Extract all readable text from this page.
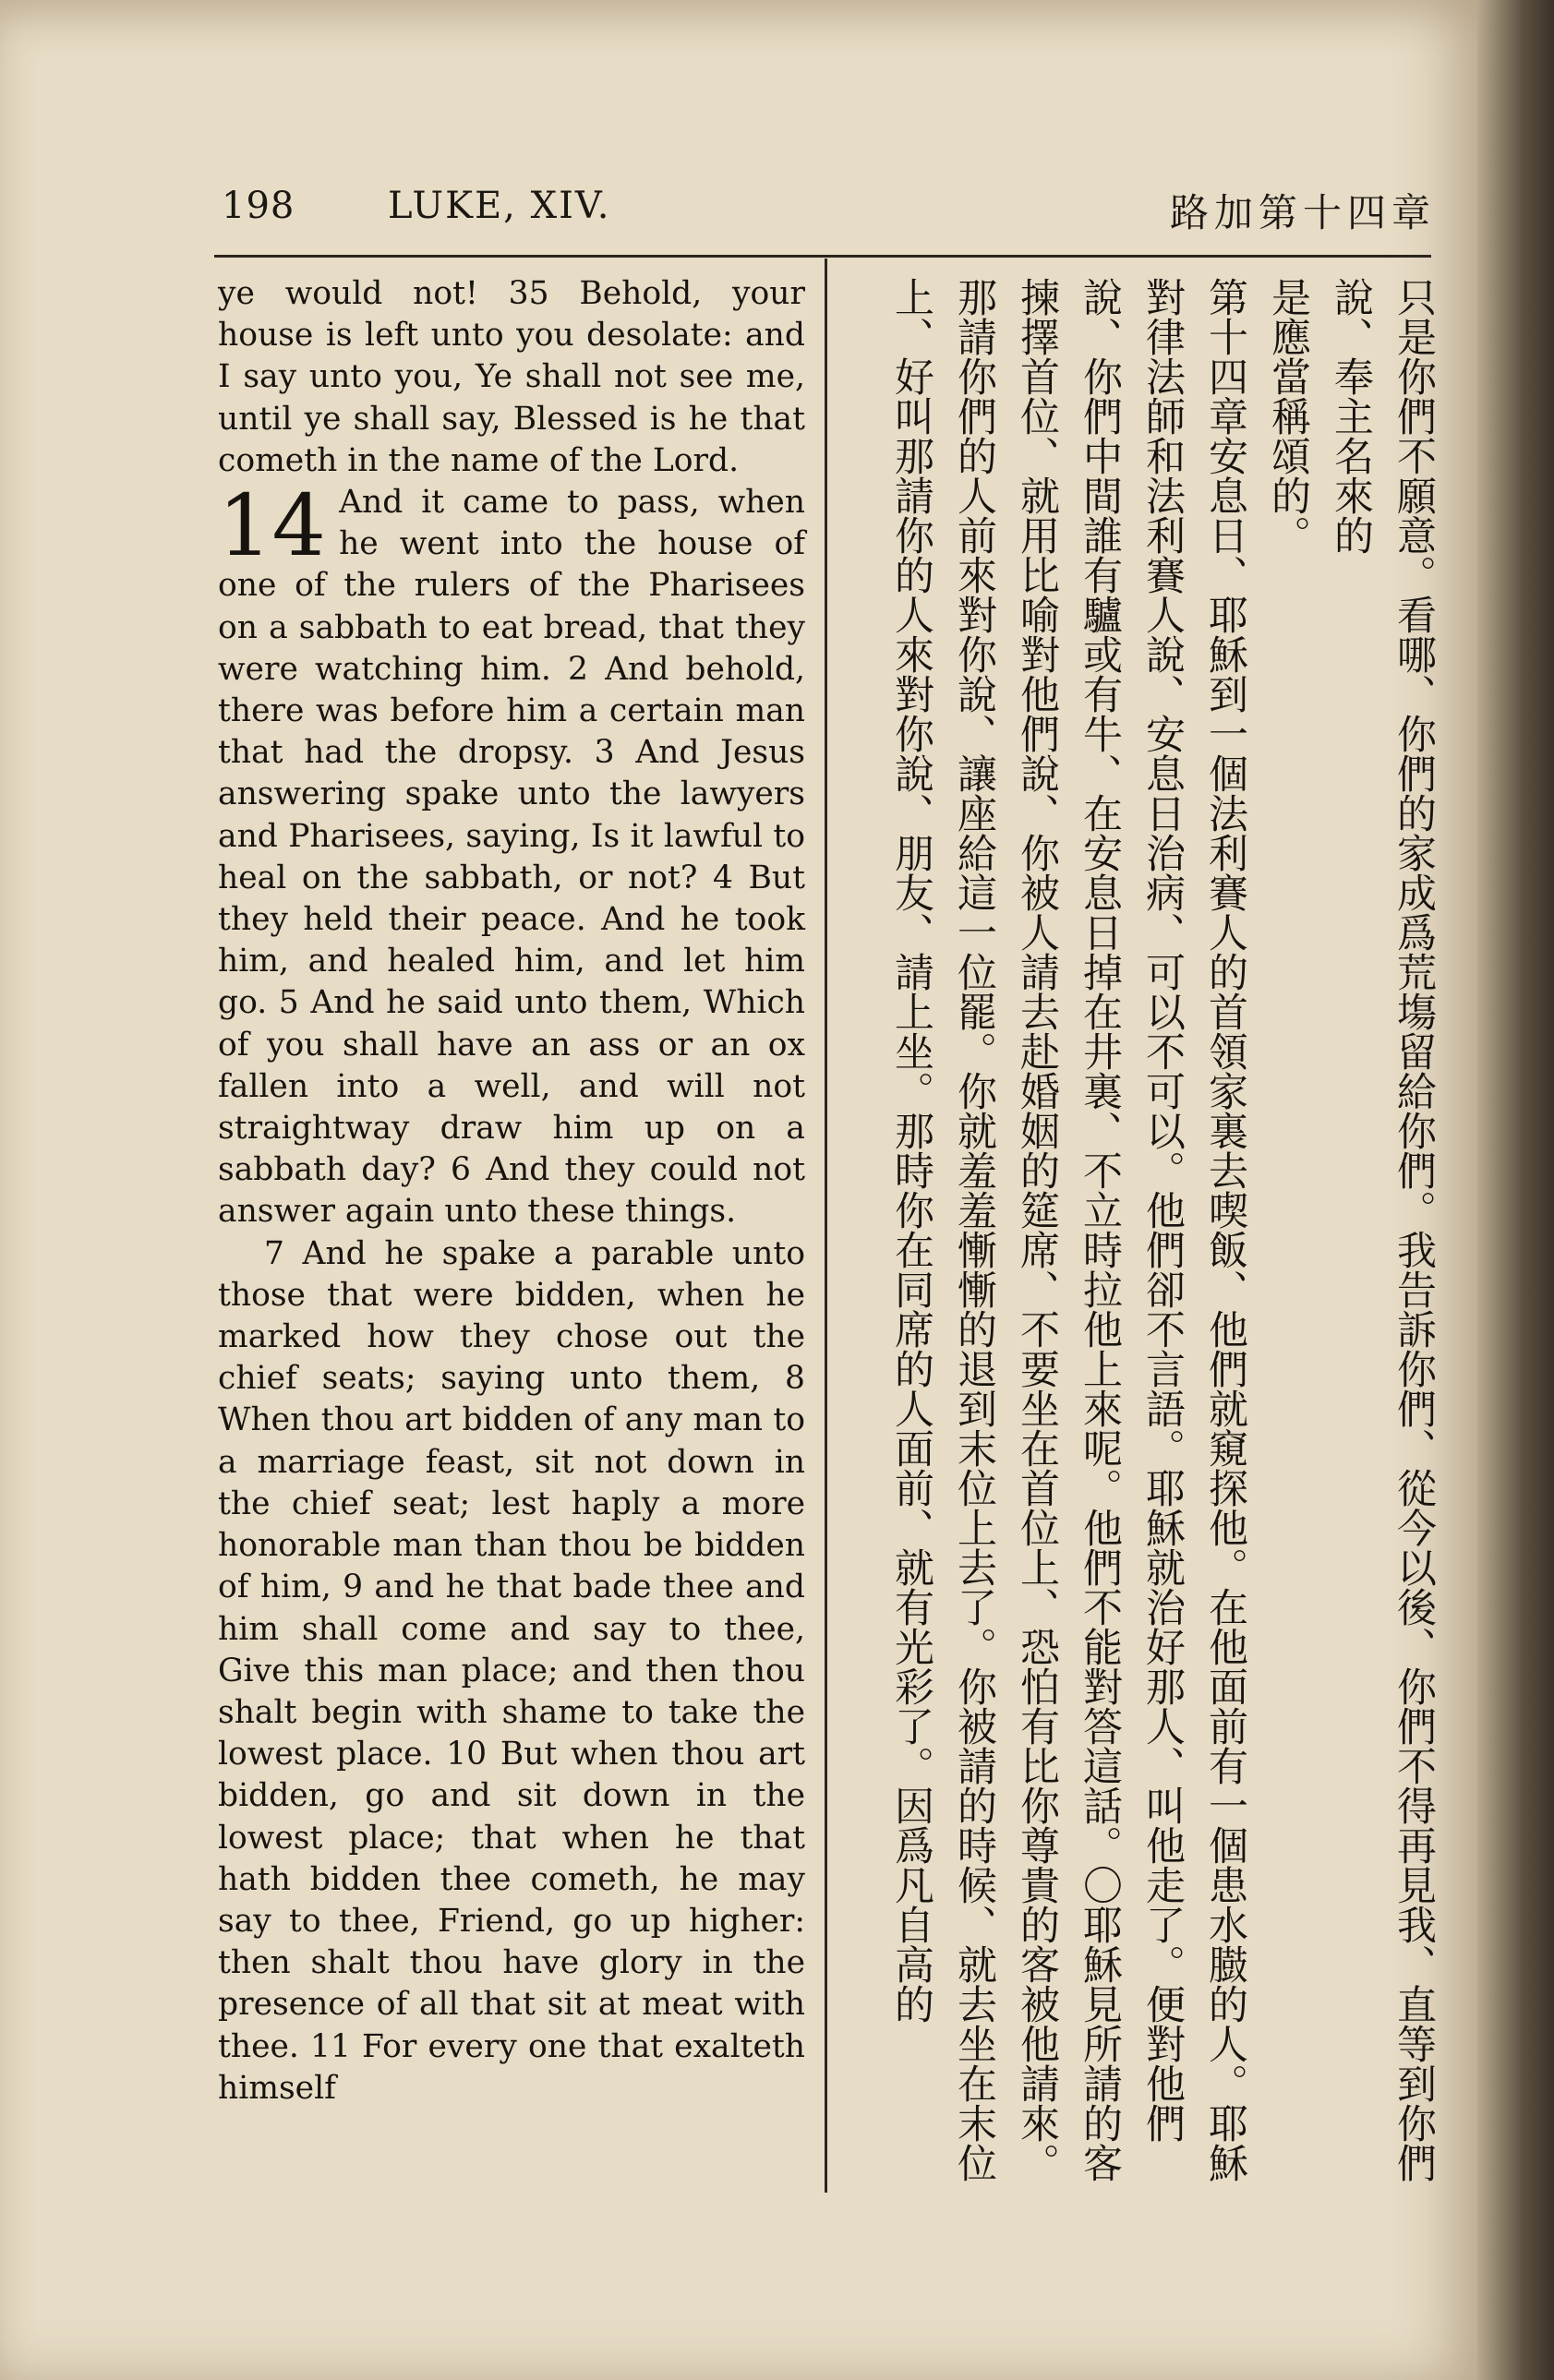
198	LUKE, XIV.	路加第十四章

ye would not! 35 Behold, your house is left unto you desolate: and I say unto you, Ye shall not see me, until ye shall say, Blessed is he that cometh in the name of the Lord.

14 And it came to pass, when he went into the house of one of the rulers of the Pharisees on a sabbath to eat bread, that they were watching him. 2 And behold, there was before him a certain man that had the dropsy. 3 And Jesus answering spake unto the lawyers and Pharisees, saying, Is it lawful to heal on the sabbath, or not? 4 But they held their peace. And he took him, and healed him, and let him go. 5 And he said unto them, Which of you shall have an ass or an ox fallen into a well, and will not straightway draw him up on a sabbath day? 6 And they could not answer again unto these things.

7 And he spake a parable unto those that were bidden, when he marked how they chose out the chief seats; saying unto them, 8 When thou art bidden of any man to a marriage feast, sit not down in the chief seat; lest haply a more honorable man than thou be bidden of him, 9 and he that bade thee and him shall come and say to thee, Give this man place; and then thou shalt begin with shame to take the lowest place. 10 But when thou art bidden, go and sit down in the lowest place; that when he that hath bidden thee cometh, he may say to thee, Friend, go up higher: then shalt thou have glory in the presence of all that sit at meat with thee. 11 For every one that exalteth himself	只是你們不願意。看哪、你們的家成爲荒塲留給你們。我告訴你們、從今以後、你們不得再見我、直等到你們說、奉主名來的

是應當稱頌的。

第十四章安息日、耶穌到一個法利賽人的首領家裏去喫飯、他們就窺探他。在他面前有一個患水臌的人。耶穌對律法師和法利賽人說、安息日治病、可以不可以。他們卻不言語。耶穌就治好那人、叫他走了。便對他們說、你們中間誰有驢或有牛、在安息日掉在井裏、不立時拉他上來呢。他們不能對答這話。〇耶穌見所請的客揀擇首位、就用比喻對他們說、你被人請去赴婚姻的筵席、不要坐在首位上、恐怕有比你尊貴的客被他請來。那請你們的人前來對你說、讓座給這一位罷。你就羞羞慚慚的退到末位上去了。你被請的時候、就去坐在末位上、好叫那請你的人來對你說、朋友、請上坐。那時你在同席的人面前、就有光彩了。因爲凡自高的
